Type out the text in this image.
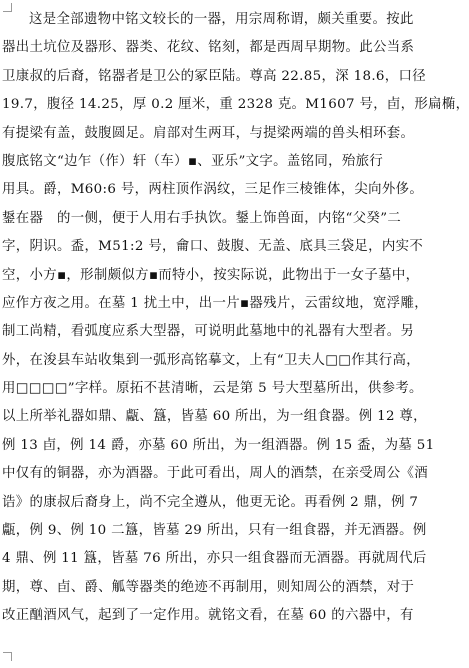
这是全部遗物中铭文较长的一器，用宗周称谓，颇关重要。按此
器出土坑位及器形、器类、花纹、铭刻，都是西周早期物。此公当系
卫康叔的后裔，铭器者是卫公的冢臣陆。尊高 22.85，深 18.6，口径
19.7，腹径 14.25，厚 0.2 厘米，重 2328 克。M1607 号，卣，形扁椭，
有提梁有盖，鼓腹圆足。肩部对生两耳，与提梁两端的兽头相环套。
腹底铭文“边乍（作）轩（车）▪、亚乐”文字。盖铭同，殆旅行
用具。爵，M60:6 号，两柱顶作涡纹，三足作三棱锥体，尖向外侈。
鋬在器　的一侧，便于人用右手执饮。鋬上饰兽面，内铭“父癸”二
字，阴识。盉，M51:2 号，龠口、鼓腹、无盖、底具三袋足，内实不
空，小方▪，形制颇似方▪而特小，按实际说，此物出于一女子墓中，
应作方夜之用。在墓 1 扰土中，出一片▪器残片，云雷纹地，宽浮雕，
制工尚精，看弧度应系大型器，可说明此墓地中的礼器有大型者。另
外，在浚县车站收集到一弧形高铭摹文，上有“卫夫人□□作其行高，
用□□□□”字样。原拓不甚清晰，云是第 5 号大型墓所出，供参考。
以上所举礼器如鼎、甗、簋，皆墓 60 所出，为一组食器。例 12 尊，
例 13 卣，例 14 爵，亦墓 60 所出，为一组酒器。例 15 盉，为墓 51
中仅有的铜器，亦为酒器。于此可看出，周人的酒禁，在亲受周公《酒
诰》的康叔后裔身上，尚不完全遵从，他更无论。再看例 2 鼎，例 7
甗，例 9、例 10 二簋，皆墓 29 所出，只有一组食器，并无酒器。例
4 鼎、例 11 簋，皆墓 76 所出，亦只一组食器而无酒器。再就周代后
期，尊、卣、爵、觚等器类的绝迹不再制用，则知周公的酒禁，对于
改正酗酒风气，起到了一定作用。就铭文看，在墓 60 的六器中，有
